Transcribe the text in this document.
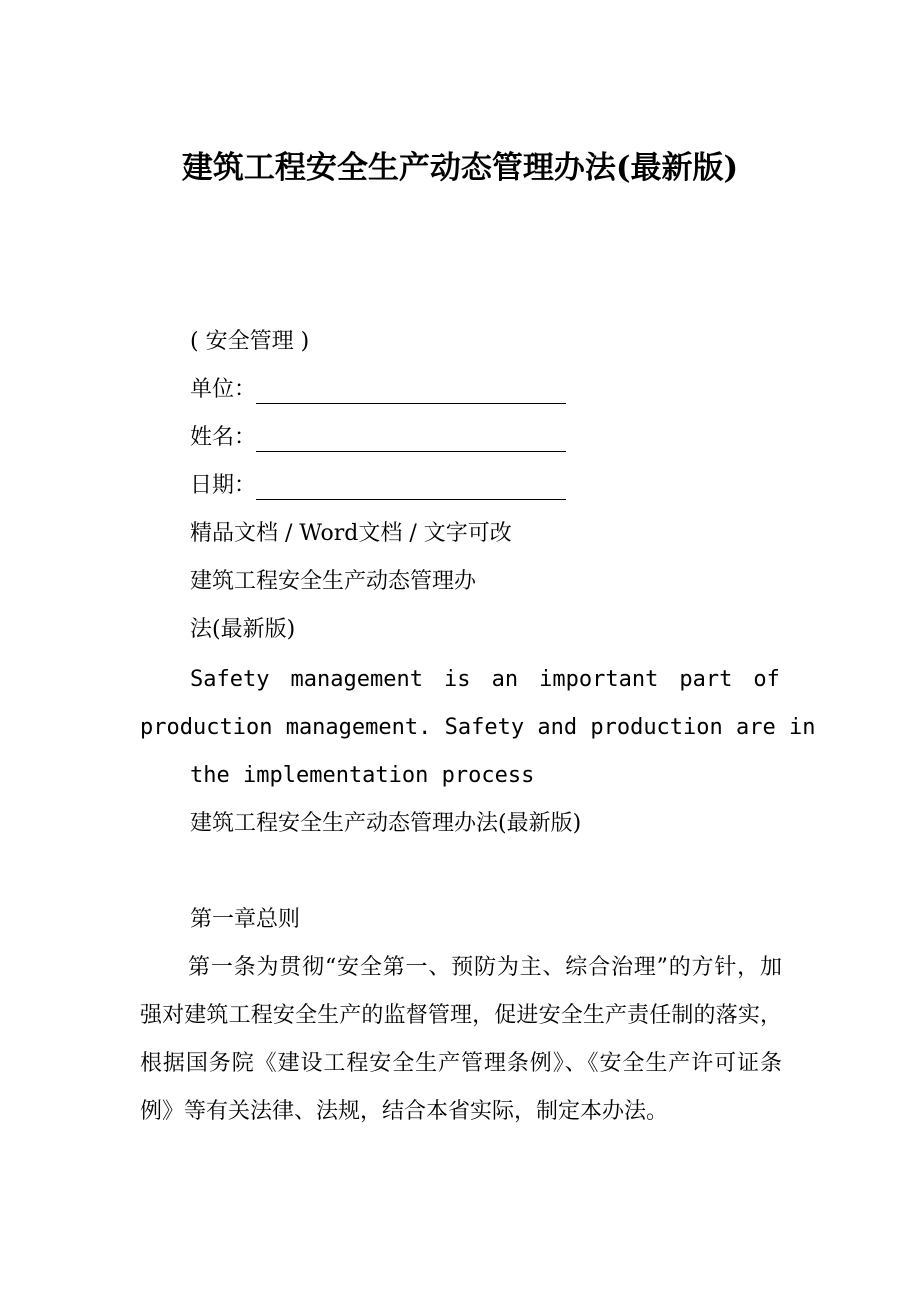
建筑工程安全生产动态管理办法(最新版)

( 安全管理 )

单位：

姓名：

日期：

精品文档 / Word文档 / 文字可改

建筑工程安全生产动态管理办

法(最新版)

Safety management is an important part of
production management. Safety and production are in
the implementation process

建筑工程安全生产动态管理办法(最新版)

第一章总则

第一条为贯彻“安全第一、预防为主、综合治理”的方针，加强对建筑工程安全生产的监督管理，促进安全生产责任制的落实，根据国务院《建设工程安全生产管理条例》、《安全生产许可证条例》等有关法律、法规，结合本省实际，制定本办法。
